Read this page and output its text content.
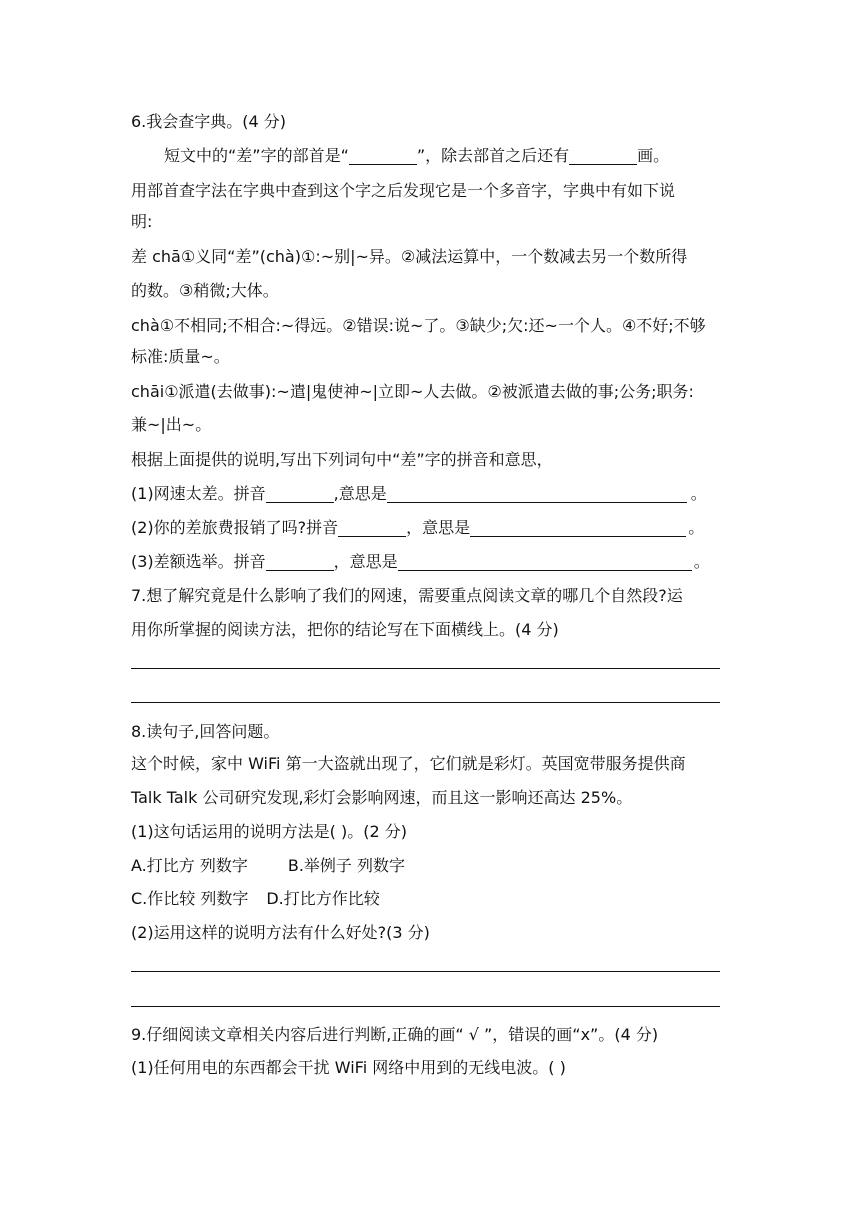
6.我会查字典。(4 分)
短文中的“差”字的部首是“	”，除去部首之后还有	画。
用部首查字法在字典中查到这个字之后发现它是一个多音字，字典中有如下说
明:
差 chā①义同“差”(chà)①:~别|~异。②减法运算中，一个数减去另一个数所得
的数。③稍微;大体。
chà①不相同;不相合:~得远。②错误:说~了。③缺少;欠:还~一个人。④不好;不够
标准:质量~。
chāi①派遣(去做事):~遣|鬼使神~|立即~人去做。②被派遣去做的事;公务;职务:
兼~|出~。
根据上面提供的说明,写出下列词句中“差”字的拼音和意思，
(1)网速太差。拼音	,意思是	。
(2)你的差旅费报销了吗?拼音	，意思是	。
(3)差额选举。拼音	，意思是	。
7.想了解究竟是什么影响了我们的网速，需要重点阅读文章的哪几个自然段?运
用你所掌握的阅读方法，把你的结论写在下面横线上。(4 分)
8.读句子,回答问题。
这个时候，家中 WiFi 第一大盗就出现了，它们就是彩灯。英国宽带服务提供商
Talk Talk 公司研究发现,彩灯会影响网速，而且这一影响还高达 25%。
(1)这句话运用的说明方法是( )。(2 分)
A.打比方 列数字	B.举例子 列数字
C.作比较 列数字 D.打比方作比较
(2)运用这样的说明方法有什么好处?(3 分)
9.仔细阅读文章相关内容后进行判断,正确的画“ √ ”，错误的画“x”。(4 分)
(1)任何用电的东西都会干扰 WiFi 网络中用到的无线电波。( )
